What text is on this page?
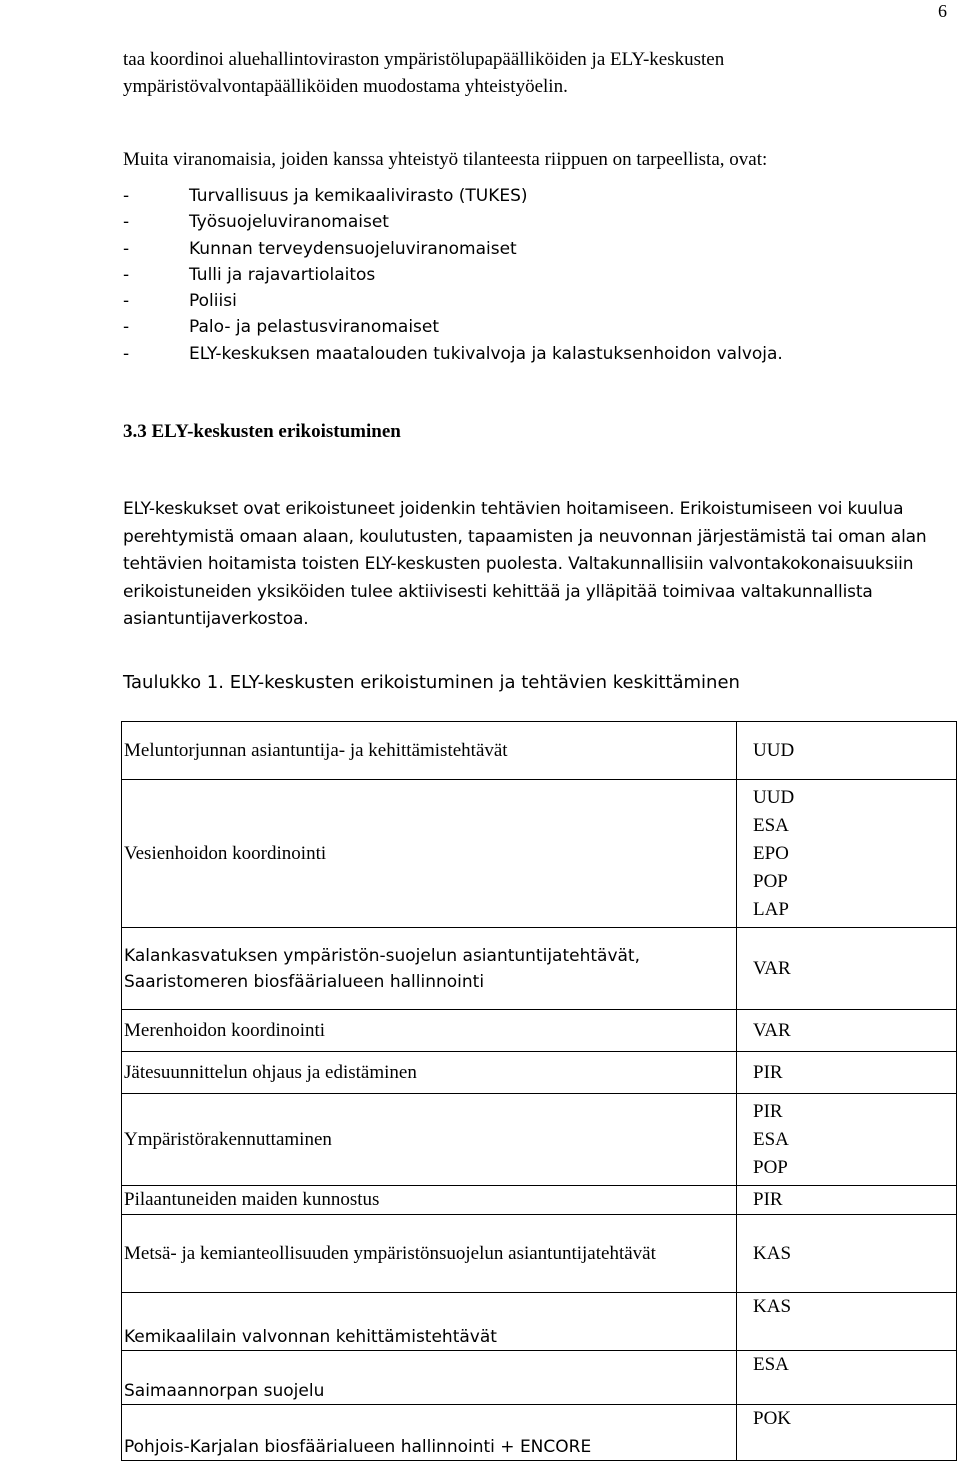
6
taa koordinoi aluehallintoviraston ympäristölupapäälliköiden ja ELY-keskusten ympäristövalvontapäälliköiden muodostama yhteistyöelin.
Muita viranomaisia, joiden kanssa yhteistyö tilanteesta riippuen on tarpeellista, ovat:
-	Turvallisuus ja kemikaalivirasto (TUKES)
-	Työsuojeluviranomaiset
-	Kunnan terveydensuojeluviranomaiset
-	Tulli ja rajavartiolaitos
-	Poliisi
-	Palo- ja pelastusviranomaiset
-	ELY-keskuksen maatalouden tukivalvoja ja kalastuksenhoidon valvoja.
3.3 ELY-keskusten erikoistuminen
ELY-keskukset ovat erikoistuneet joidenkin tehtävien hoitamiseen. Erikoistumiseen voi kuulua perehtymistä omaan alaan, koulutusten, tapaamisten ja neuvonnan järjestämistä tai oman alan tehtävien hoitamista toisten ELY-keskusten puolesta. Valtakunnallisiin valvontakokonaisuuksiin erikoistuneiden yksiköiden tulee aktiivisesti kehittää ja ylläpitää toimivaa valtakunnallista asiantuntijaverkostoa.
Taulukko 1. ELY-keskusten erikoistuminen ja tehtävien keskittäminen
Meluntorjunnan asiantuntija- ja kehittämistehtävät	UUD

Vesienhoidon koordinointi	UUD
ESA
EPO
POP
LAP

Kalankasvatuksen ympäristön-suojelun asiantuntijatehtävät, Saaristomeren biosfäärialueen hallinnointi	VAR

Merenhoidon koordinointi	VAR

Jätesuunnittelun ohjaus ja edistäminen	PIR

Ympäristörakennuttaminen	PIR
ESA
POP

Pilaantuneiden maiden kunnostus	PIR

Metsä- ja kemianteollisuuden ympäristönsuojelun asiantuntijatehtävät	KAS

Kemikaalilain valvonnan kehittämistehtävät	KAS

Saimaannorpan suojelu	ESA

Pohjois-Karjalan biosfäärialueen hallinnointi + ENCORE	POK
